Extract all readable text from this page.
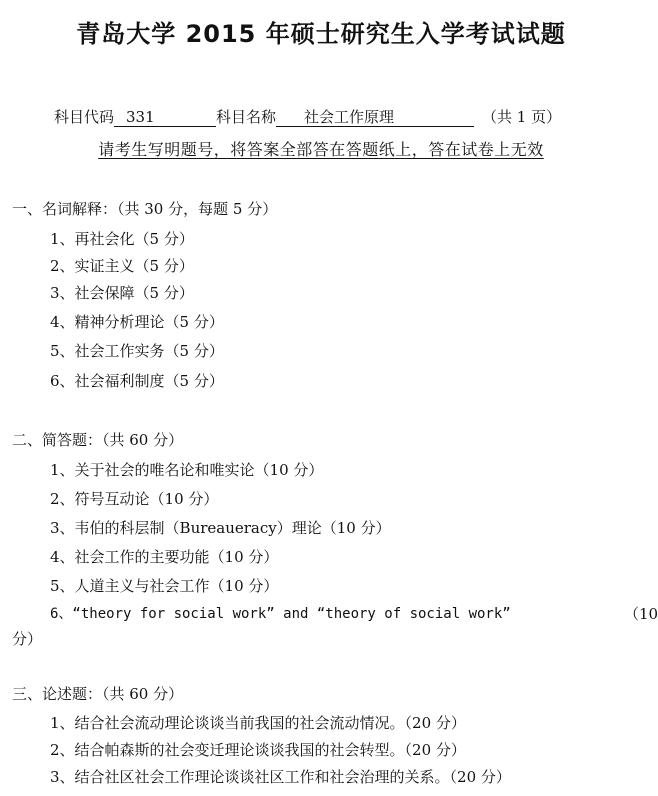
青岛大学 2015 年硕士研究生入学考试试题
科目代码 331	科目名称 社会工作原理	（共 1 页）
请考生写明题号，将答案全部答在答题纸上，答在试卷上无效
一、名词解释：（共 30 分，每题 5 分）
1、再社会化（5 分）
2、实证主义（5 分）
3、社会保障（5 分）
4、精神分析理论（5 分）
5、社会工作实务（5 分）
6、社会福利制度（5 分）
二、简答题：（共 60 分）
1、关于社会的唯名论和唯实论（10 分）
2、符号互动论（10 分）
3、韦伯的科层制（Bureaueracy）理论（10 分）
4、社会工作的主要功能（10 分）
5、人道主义与社会工作（10 分）
6、“theory for social work” and “theory of social work”	（10
分）
三、论述题：（共 60 分）
1、结合社会流动理论谈谈当前我国的社会流动情况。（20 分）
2、结合帕森斯的社会变迁理论谈谈我国的社会转型。（20 分）
3、结合社区社会工作理论谈谈社区工作和社会治理的关系。（20 分）
